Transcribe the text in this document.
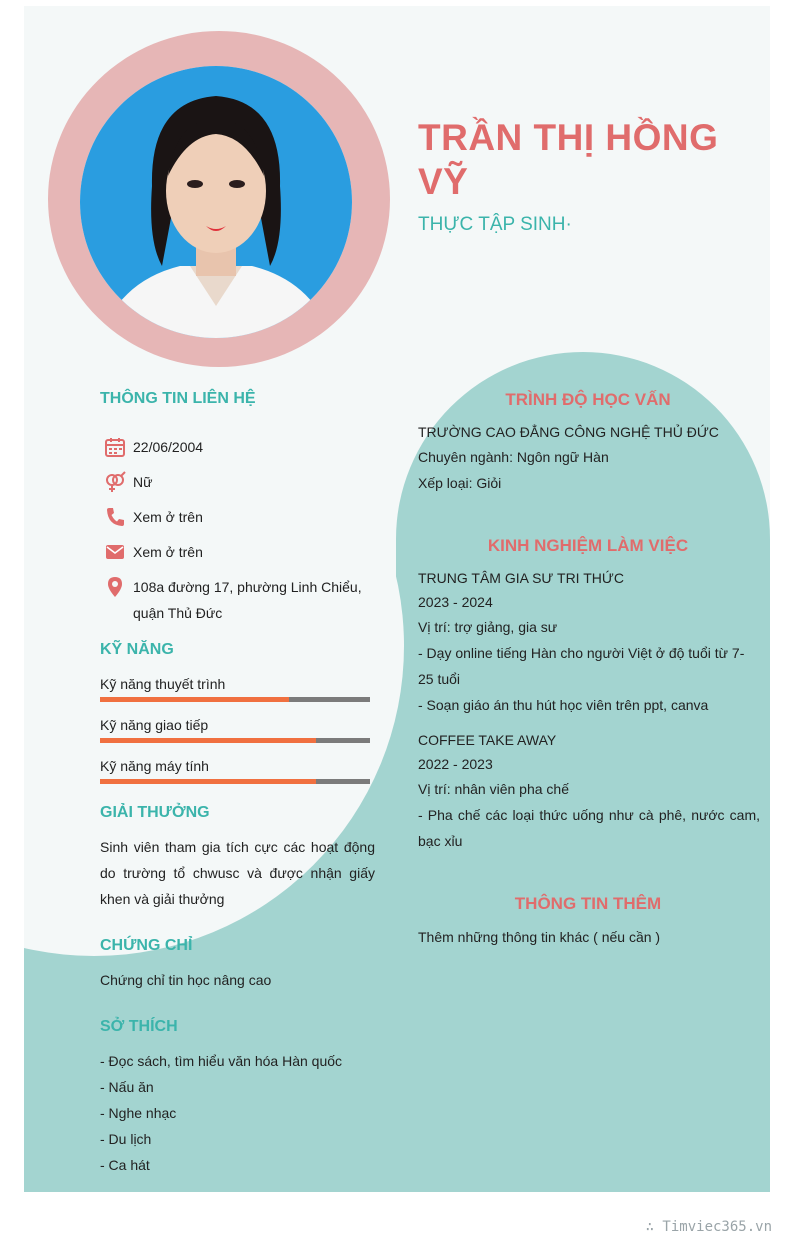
TRẦN THỊ HỒNG VỸ
THỰC TẬP SINH·
THÔNG TIN LIÊN HỆ
22/06/2004
Nữ
Xem ở trên
Xem ở trên
108a đường 17, phường Linh Chiểu, quận Thủ Đức
KỸ NĂNG
Kỹ năng thuyết trình
Kỹ năng giao tiếp
Kỹ năng máy tính
GIẢI THƯỞNG
Sinh viên tham gia tích cực các hoạt động do trường tổ chwusc và được nhận giấy khen và giải thưởng
CHỨNG CHỈ
Chứng chỉ tin học nâng cao
SỞ THÍCH
- Đọc sách, tìm hiểu văn hóa Hàn quốc
- Nấu ăn
- Nghe nhạc
- Du lịch
- Ca hát
TRÌNH ĐỘ HỌC VẤN
TRƯỜNG CAO ĐẲNG CÔNG NGHỆ THỦ ĐỨC
Chuyên ngành: Ngôn ngữ Hàn
Xếp loại: Giỏi
KINH NGHIỆM LÀM VIỆC
TRUNG TÂM GIA SƯ TRI THỨC
2023 - 2024
Vị trí: trợ giảng, gia sư
- Dạy online tiếng Hàn cho người Việt ở độ tuổi từ 7- 25 tuổi
- Soạn giáo án thu hút học viên trên ppt, canva
COFFEE TAKE AWAY
2022 - 2023
Vị trí: nhân viên pha chế
- Pha chế các loại thức uống như cà phê, nước cam, bạc xỉu
THÔNG TIN THÊM
Thêm những thông tin khác ( nếu cần )
∴ Timviec365.vn
